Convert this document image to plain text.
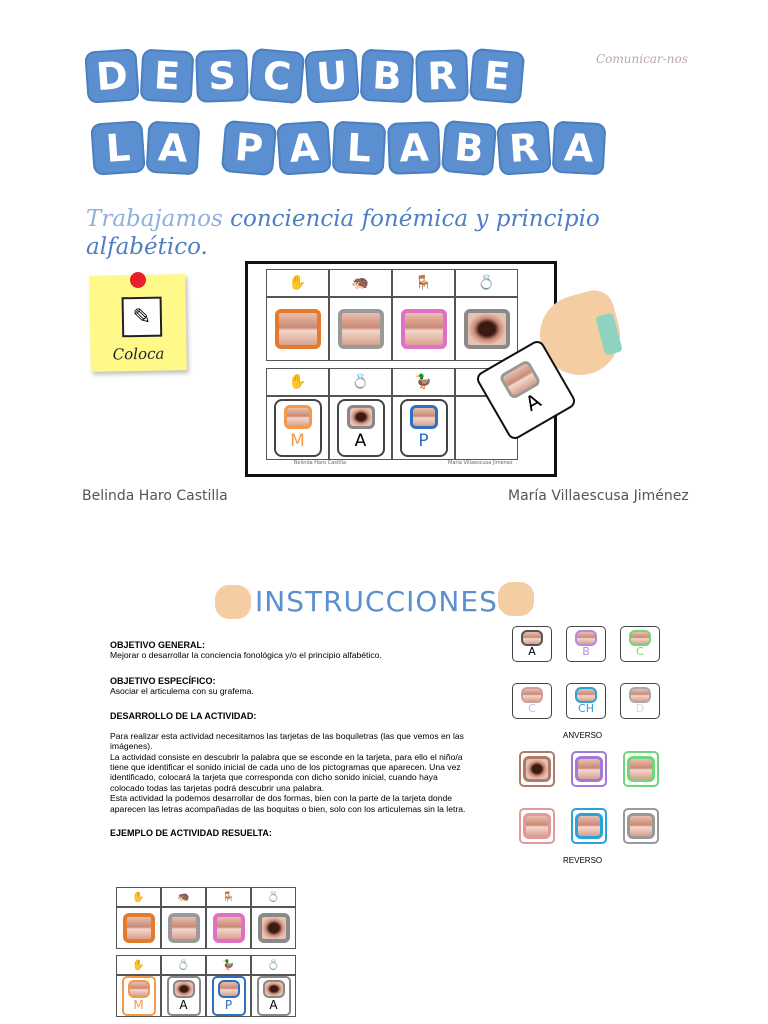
D E S C U B R E
L A	P A L A B R A
Comunicar-nos
Trabajamos conciencia fonémica y principio alfabético.
✎
Coloca
✋	🦔	🪑	💍
✋	💍	🦆
M	A	P
Belinda Haro Castilla	María Villaescusa Jiménez
A
Belinda Haro Castilla	María Villaescusa Jiménez
INSTRUCCIONES
OBJETIVO GENERAL:
Mejorar o desarrollar la conciencia fonológica y/o el principio alfabético.
OBJETIVO ESPECÍFICO:
Asociar el articulema con su grafema.
DESARROLLO DE LA ACTIVIDAD:
Para realizar esta actividad necesitamos las tarjetas de las boquiletras (las que vemos en las imágenes).
La actividad consiste en descubrir la palabra que se esconde en la tarjeta, para ello el niño/a tiene que identificar el sonido inicial de cada uno de los pictogramas que aparecen. Una vez identificado, colocará la tarjeta que corresponda con dicho sonido inicial, cuando haya colocado todas las tarjetas podrá descubrir una palabra.
Esta actividad la podemos desarrollar de dos formas, bien con la parte de la tarjeta donde aparecen las letras acompañadas de las boquitas o bien, solo con los articulemas sin la letra.
EJEMPLO DE ACTIVIDAD RESUELTA:
A	B	C
C	CH	D
ANVERSO
REVERSO
✋	🦔	🪑	💍
✋	💍	🦆	💍
M	A	P	A
